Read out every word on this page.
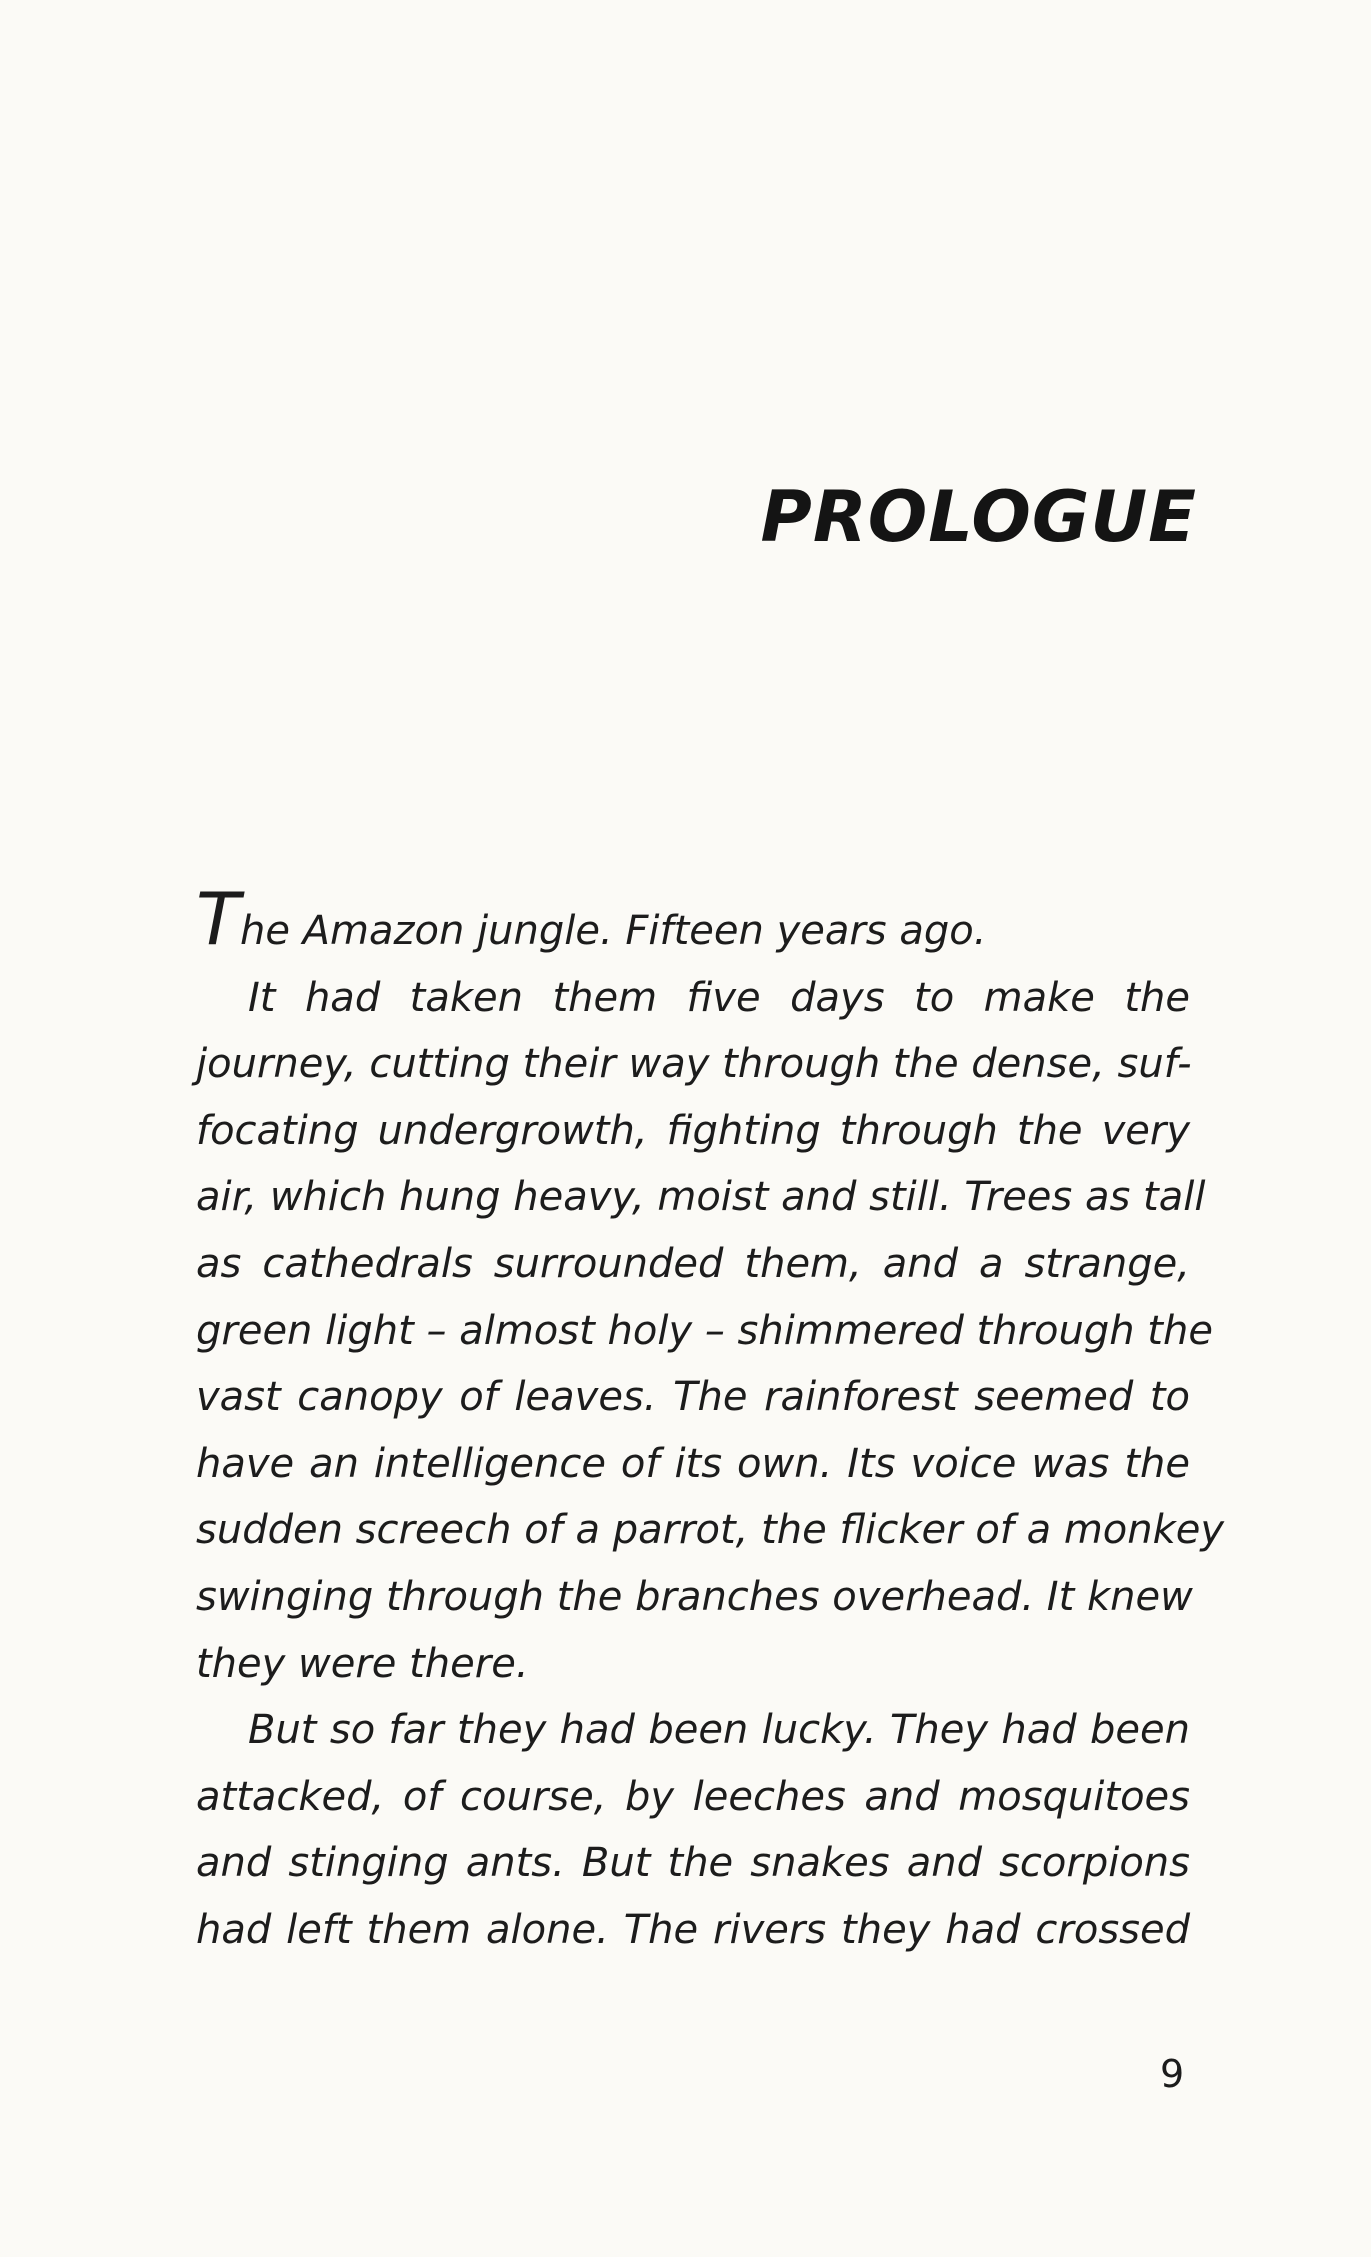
PROLOGUE
The Amazon jungle. Fifteen years ago.
It had taken them five days to make the
journey, cutting their way through the dense, suf-
focating undergrowth, fighting through the very
air, which hung heavy, moist and still. Trees as tall
as cathedrals surrounded them, and a strange,
green light – almost holy – shimmered through the
vast canopy of leaves. The rainforest seemed to
have an intelligence of its own. Its voice was the
sudden screech of a parrot, the flicker of a monkey
swinging through the branches overhead. It knew
they were there.
But so far they had been lucky. They had been
attacked, of course, by leeches and mosquitoes
and stinging ants. But the snakes and scorpions
had left them alone. The rivers they had crossed
9
